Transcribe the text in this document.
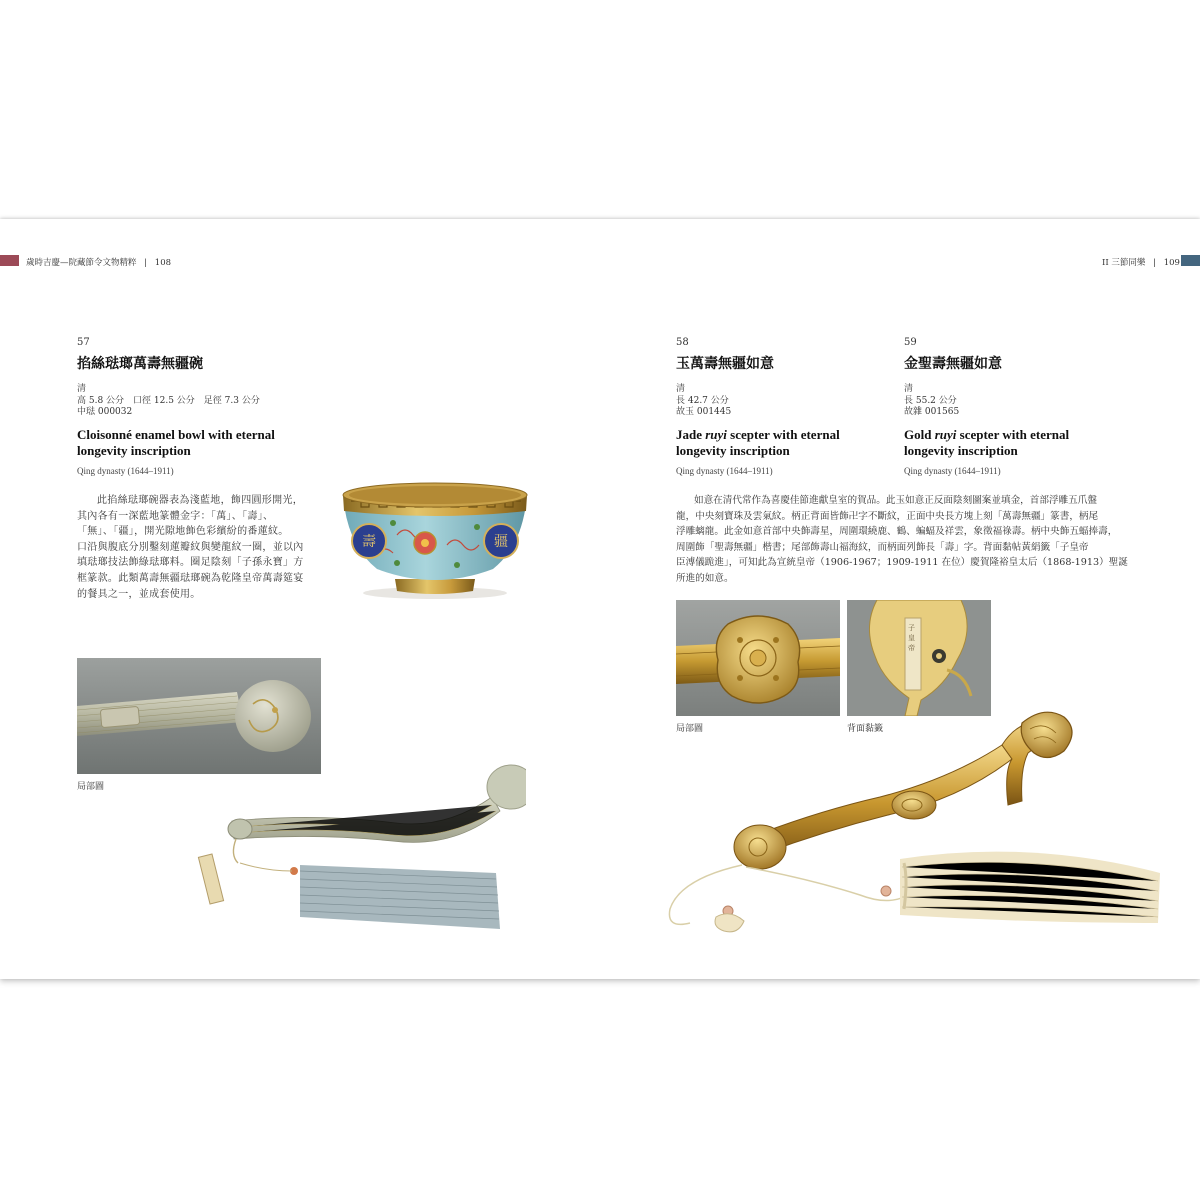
歲時吉慶—院藏節令文物精粹 | 108	II 三節同樂 | 109
57
掐絲琺瑯萬壽無疆碗
清
高 5.8 公分　口徑 12.5 公分　足徑 7.3 公分
中琺 000032
Cloisonné enamel bowl with eternal
longevity inscription
Qing dynasty (1644–1911)
此掐絲琺瑯碗器表為淺藍地，飾四圓形開光，
其內各有一深藍地篆體金字：「萬」、「壽」、
「無」、「疆」，開光隙地飾色彩繽紛的番蓮紋。
口沿與腹底分別鑿刻蓮瓣紋與變龍紋一圈，並以內
填琺瑯技法飾綠琺瑯料。圈足陰刻「子孫永寶」方
框篆款。此類萬壽無疆琺瑯碗為乾隆皇帝萬壽筵宴
的餐具之一，並成套使用。
壽	疆
局部圖
58
玉萬壽無疆如意
清
長 42.7 公分
故玉 001445
Jade ruyi scepter with eternal
longevity inscription
Qing dynasty (1644–1911)
59
金聖壽無疆如意
清
長 55.2 公分
故雜 001565
Gold ruyi scepter with eternal
longevity inscription
Qing dynasty (1644–1911)
如意在清代常作為喜慶佳節進獻皇室的賀品。此玉如意正反面陰刻圖案並填金，首部浮雕五爪盤
龍，中央刻寶珠及雲氣紋。柄正背面皆飾卍字不斷紋，正面中央長方塊上刻「萬壽無疆」篆書，柄尾
浮雕螭龍。此金如意首部中央飾壽星，周圍環繞鹿、鶴、蝙蝠及祥雲，象徵福祿壽。柄中央飾五蝠捧壽，
周圍飾「聖壽無疆」楷書；尾部飾壽山福海紋，而柄面列飾長「壽」字。背面黏帖黃絹籤「子皇帝
臣溥儀跪進」，可知此為宣統皇帝（1906-1967；1909-1911 在位）慶賀隆裕皇太后（1868-1913）聖誕
所進的如意。
局部圖
子
皇
帝
背面黏籤
